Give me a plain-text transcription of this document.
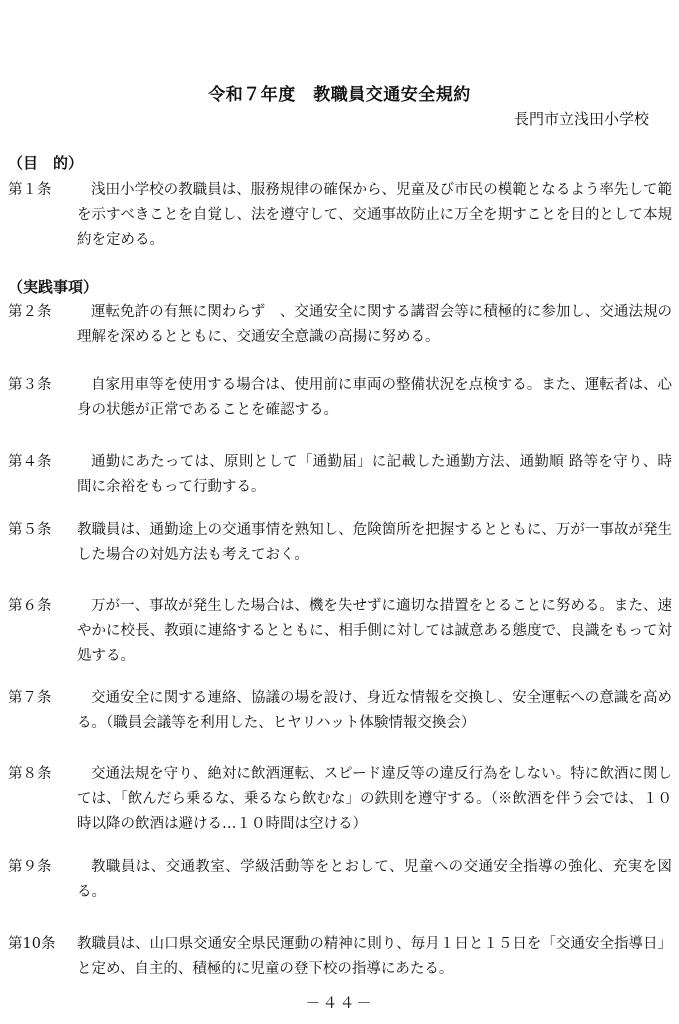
令和７年度　教職員交通安全規約
長門市立浅田小学校
（目　的）
第１条	浅田小学校の教職員は、服務規律の確保から、児童及び市民の模範となるよう率先して範を示すべきことを自覚し、法を遵守して、交通事故防止に万全を期すことを目的として本規約を定める。
（実践事項）
第２条	運転免許の有無に関わらず　、交通安全に関する講習会等に積極的に参加し、交通法規の理解を深めるとともに、交通安全意識の高揚に努める。
第３条	自家用車等を使用する場合は、使用前に車両の整備状況を点検する。また、運転者は、心身の状態が正常であることを確認する。
第４条	通勤にあたっては、原則として「通勤届」に記載した通勤方法、通勤順 路等を守り、時間に余裕をもって行動する。
第５条	教職員は、通勤途上の交通事情を熟知し、危険箇所を把握するとともに、万が一事故が発生した場合の対処方法も考えておく。
第６条	万が一、事故が発生した場合は、機を失せずに適切な措置をとることに努める。また、速やかに校長、教頭に連絡するとともに、相手側に対しては誠意ある態度で、良識をもって対処する。
第７条	交通安全に関する連絡、協議の場を設け、身近な情報を交換し、安全運転への意識を高める。（職員会議等を利用した、ヒヤリハット体験情報交換会）
第８条	交通法規を守り、絶対に飲酒運転、スピード違反等の違反行為をしない。特に飲酒に関しては、「飲んだら乗るな、乗るなら飲むな」の鉄則を遵守する。（※飲酒を伴う会では、１０時以降の飲酒は避ける…１０時間は空ける）
第９条	教職員は、交通教室、学級活動等をとおして、児童への交通安全指導の強化、充実を図る。
第10条	教職員は、山口県交通安全県民運動の精神に則り、毎月１日と１５日を「交通安全指導日」と定め、自主的、積極的に児童の登下校の指導にあたる。
－４４－
